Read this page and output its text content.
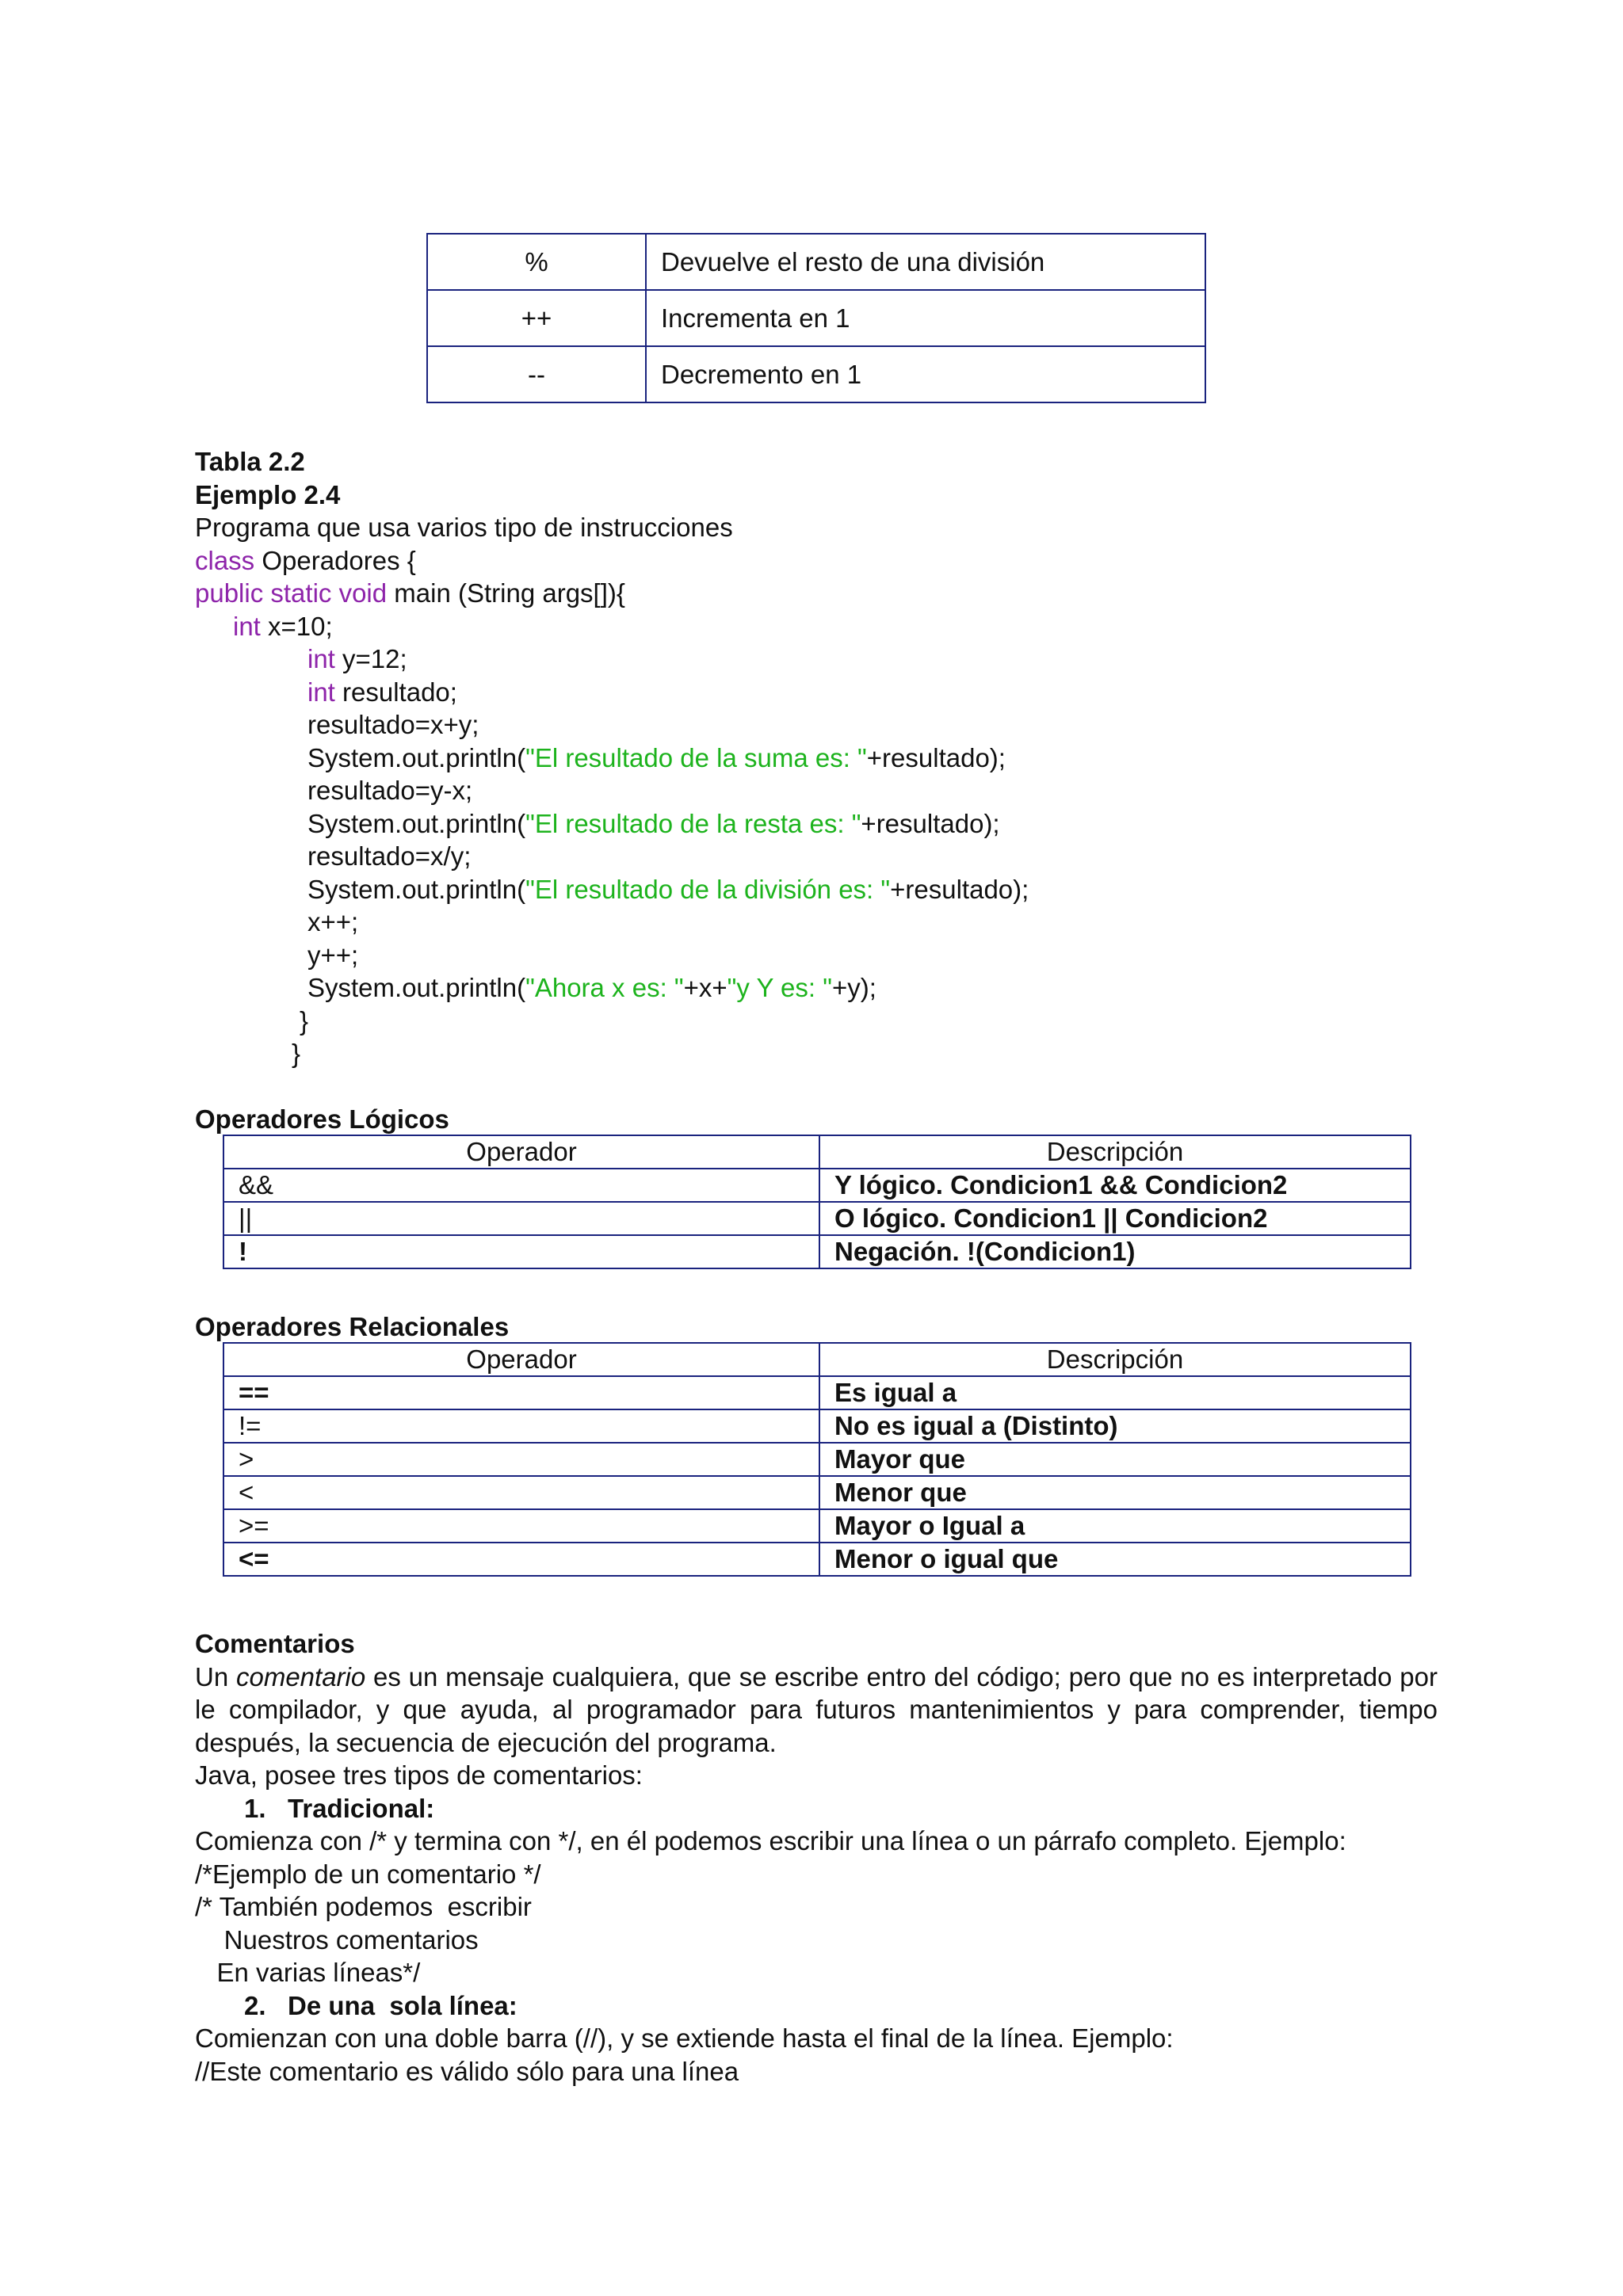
%	Devuelve el resto de una división
++	Incrementa en 1
--	Decremento en 1
Tabla 2.2
Ejemplo 2.4
Programa que usa varios tipo de instrucciones
class Operadores {
public static void main (String args[]){
int x=10;
int y=12;
int resultado;
resultado=x+y;
System.out.println("El resultado de la suma es: "+resultado);
resultado=y-x;
System.out.println("El resultado de la resta es: "+resultado);
resultado=x/y;
System.out.println("El resultado de la división es: "+resultado);
x++;
y++;
System.out.println("Ahora x es: "+x+"y Y es: "+y);
}
}
Operadores Lógicos
Operador	Descripción
&&	Y lógico. Condicion1 && Condicion2
||	O lógico. Condicion1 || Condicion2
!	Negación. !(Condicion1)
Operadores Relacionales
Operador	Descripción
==	Es igual a
!=	No es igual a (Distinto)
>	Mayor que
<	Menor que
>=	Mayor o Igual a
<=	Menor o igual que
Comentarios
Un comentario es un mensaje cualquiera, que se escribe entro del código; pero que no es interpretado por le compilador, y que ayuda, al programador para futuros mantenimientos y para comprender, tiempo después, la secuencia de ejecución del programa.
Java, posee tres tipos de comentarios:
1.   Tradicional:
Comienza con /* y termina con */, en él podemos escribir una línea o un párrafo completo. Ejemplo:
/*Ejemplo de un comentario */
/* También podemos  escribir
Nuestros comentarios
En varias líneas*/
2.   De una  sola línea:
Comienzan con una doble barra (//), y se extiende hasta el final de la línea. Ejemplo:
//Este comentario es válido sólo para una línea
